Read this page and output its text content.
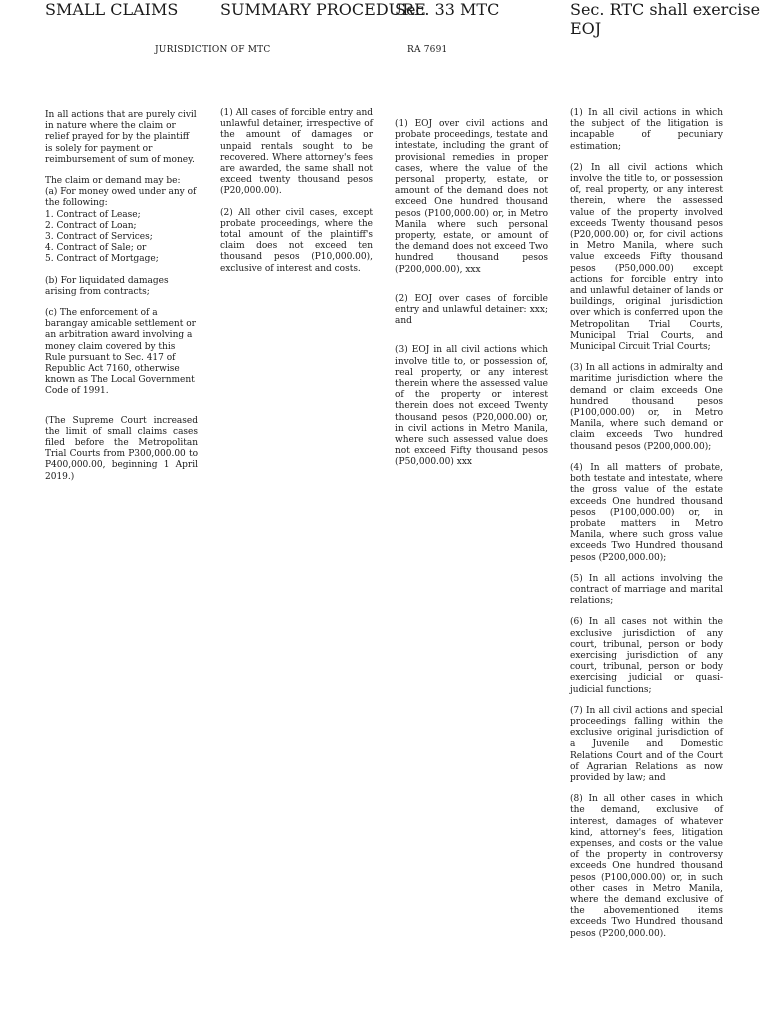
JURISDICTION OF MTC	RA 7691
SMALL CLAIMS

In all actions that are purely civil in nature where the claim or relief prayed for by the plaintiff is solely for payment or reimbursement of sum of money.

The claim or demand may be:
(a) For money owed under any of the following:
1. Contract of Lease;
2. Contract of Loan;
3. Contract of Services;
4. Contract of Sale; or
5. Contract of Mortgage;

(b) For liquidated damages arising from contracts;

(c) The enforcement of a barangay amicable settlement or an arbitration award involving a money claim covered by this Rule pursuant to Sec. 417 of Republic Act 7160, otherwise known as The Local Government Code of 1991.

(The Supreme Court increased the limit of small claims cases filed before the Metropolitan Trial Courts from P300,000.00 to P400,000.00, beginning 1 April 2019.)

SUMMARY PROCEDURE

(1) All cases of forcible entry and unlawful detainer, irrespective of the amount of damages or unpaid rentals sought to be recovered. Where attorney's fees are awarded, the same shall not exceed twenty thousand pesos (P20,000.00).

(2) All other civil cases, except probate proceedings, where the total amount of the plaintiff's claim does not exceed ten thousand pesos (P10,000.00), exclusive of interest and costs.

Sec. 33 MTC

(1) EOJ over civil actions and probate proceedings, testate and intestate, including the grant of provisional remedies in proper cases, where the value of the personal property, estate, or amount of the demand does not exceed One hundred thousand pesos (P100,000.00) or, in Metro Manila where such personal property, estate, or amount of the demand does not exceed Two hundred thousand pesos (P200,000.00), xxx

(2) EOJ over cases of forcible entry and unlawful detainer: xxx; and

(3) EOJ in all civil actions which involve title to, or possession of, real property, or any interest therein where the assessed value of the property or interest therein does not exceed Twenty thousand pesos (P20,000.00) or, in civil actions in Metro Manila, where such assessed value does not exceed Fifty thousand pesos (P50,000.00) xxx

Sec. RTC shall exercise EOJ

(1) In all civil actions in which the subject of the litigation is incapable of pecuniary estimation;

(2) In all civil actions which involve the title to, or possession of, real property, or any interest therein, where the assessed value of the property involved exceeds Twenty thousand pesos (P20,000.00) or, for civil actions in Metro Manila, where such value exceeds Fifty thousand pesos (P50,000.00) except actions for forcible entry into and unlawful detainer of lands or buildings, original jurisdiction over which is conferred upon the Metropolitan Trial Courts, Municipal Trial Courts, and Municipal Circuit Trial Courts;

(3) In all actions in admiralty and maritime jurisdiction where the demand or claim exceeds One hundred thousand pesos (P100,000.00) or, in Metro Manila, where such demand or claim exceeds Two hundred thousand pesos (P200,000.00);

(4) In all matters of probate, both testate and intestate, where the gross value of the estate exceeds One hundred thousand pesos (P100,000.00) or, in probate matters in Metro Manila, where such gross value exceeds Two Hundred thousand pesos (P200,000.00);

(5) In all actions involving the contract of marriage and marital relations;

(6) In all cases not within the exclusive jurisdiction of any court, tribunal, person or body exercising jurisdiction of any court, tribunal, person or body exercising judicial or quasi-judicial functions;

(7) In all civil actions and special proceedings falling within the exclusive original jurisdiction of a Juvenile and Domestic Relations Court and of the Court of Agrarian Relations as now provided by law; and

(8) In all other cases in which the demand, exclusive of interest, damages of whatever kind, attorney's fees, litigation expenses, and costs or the value of the property in controversy exceeds One hundred thousand pesos (P100,000.00) or, in such other cases in Metro Manila, where the demand exclusive of the abovementioned items exceeds Two Hundred thousand pesos (P200,000.00).
